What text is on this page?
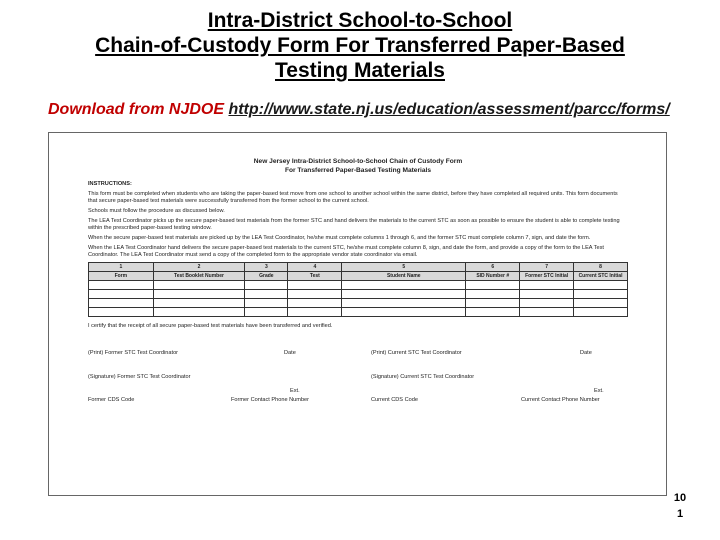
Intra-District School-to-School
Chain-of-Custody Form For Transferred Paper-Based
Testing Materials
Download from NJDOE http://www.state.nj.us/education/assessment/parcc/forms/
New Jersey Intra-District School-to-School Chain of Custody Form
For Transferred Paper-Based Testing Materials

INSTRUCTIONS:

This form must be completed when students who are taking the paper-based test move from one school to another school within the same district, before they have completed all required units. This form documents that secure paper-based test materials were successfully transferred from the former school to the current school.

Schools must follow the procedure as discussed below.

The LEA Test Coordinator picks up the secure paper-based test materials from the former STC and hand delivers the materials to the current STC as soon as possible to ensure the student is able to complete testing within the prescribed paper-based testing window.

When the secure paper-based test materials are picked up by the LEA Test Coordinator, he/she must complete columns 1 through 6, and the former STC must complete column 7, sign, and date the form.

When the LEA Test Coordinator hand delivers the secure paper-based test materials to the current STC, he/she must complete column 8, sign, and date the form, and provide a copy of the form to the LEA Test Coordinator. The LEA Test Coordinator must send a copy of the completed form to the appropriate vendor state coordinator via email.

1	2	3	4	5	6	7	8
Form	Test Booklet Number	Grade	Test	Student Name	SID Number #	Former STC Initial	Current STC Initial

I certify that the receipt of all secure paper-based test materials have been transferred and verified.

(Print) Former STC Test Coordinator	Date	(Print) Current STC Test Coordinator	Date
(Signature) Former STC Test Coordinator	(Signature) Current STC Test Coordinator
Ext.	Ext.
Former CDS Code	Former Contact Phone Number	Current CDS Code	Current Contact Phone Number
10
1
